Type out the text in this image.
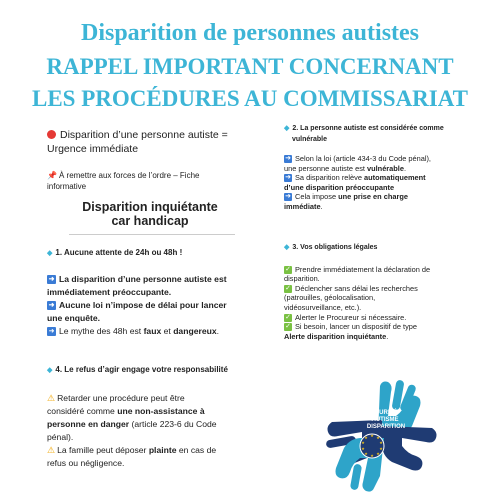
Disparition de personnes autistes
RAPPEL IMPORTANT CONCERNANT
LES PROCÉDURES AU COMMISSARIAT
Disparition d’une personne autiste =
Urgence immédiate
📌 À remettre aux forces de l’ordre – Fiche
informative
Disparition inquiétante
car handicap
◆ 1. Aucune attente de 24h ou 48h !
➜ La disparition d’une personne autiste est
immédiatement préoccupante.
➜ Aucune loi n’impose de délai pour lancer
une enquête.
➜ Le mythe des 48h est faux et dangereux.
◆ 4. Le refus d’agir engage votre responsabilité
⚠ Retarder une procédure peut être
considéré comme une non-assistance à
personne en danger (article 223-6 du Code
pénal).
⚠ La famille peut déposer plainte en cas de
refus ou négligence.
◆ 2. La personne autiste est considérée comme
vulnérable
➜ Selon la loi (article 434-3 du Code pénal),
une personne autiste est vulnérable.
➜ Sa disparition relève automatiquement
d’une disparition préoccupante
➜ Cela impose une prise en charge
immédiate.
◆ 3. Vos obligations légales
✓ Prendre immédiatement la déclaration de
disparition.
✓ Déclencher sans délai les recherches
(patrouilles, géolocalisation,
vidéosurveillance, etc.).
✓ Alerter le Procureur si nécessaire.
✓ Si besoin, lancer un dispositif de type
Alerte disparition inquiétante.
★ ★
★
★
★
★
★
★
★
★
SÉCURITÉ
AUTISME
DISPARITION
